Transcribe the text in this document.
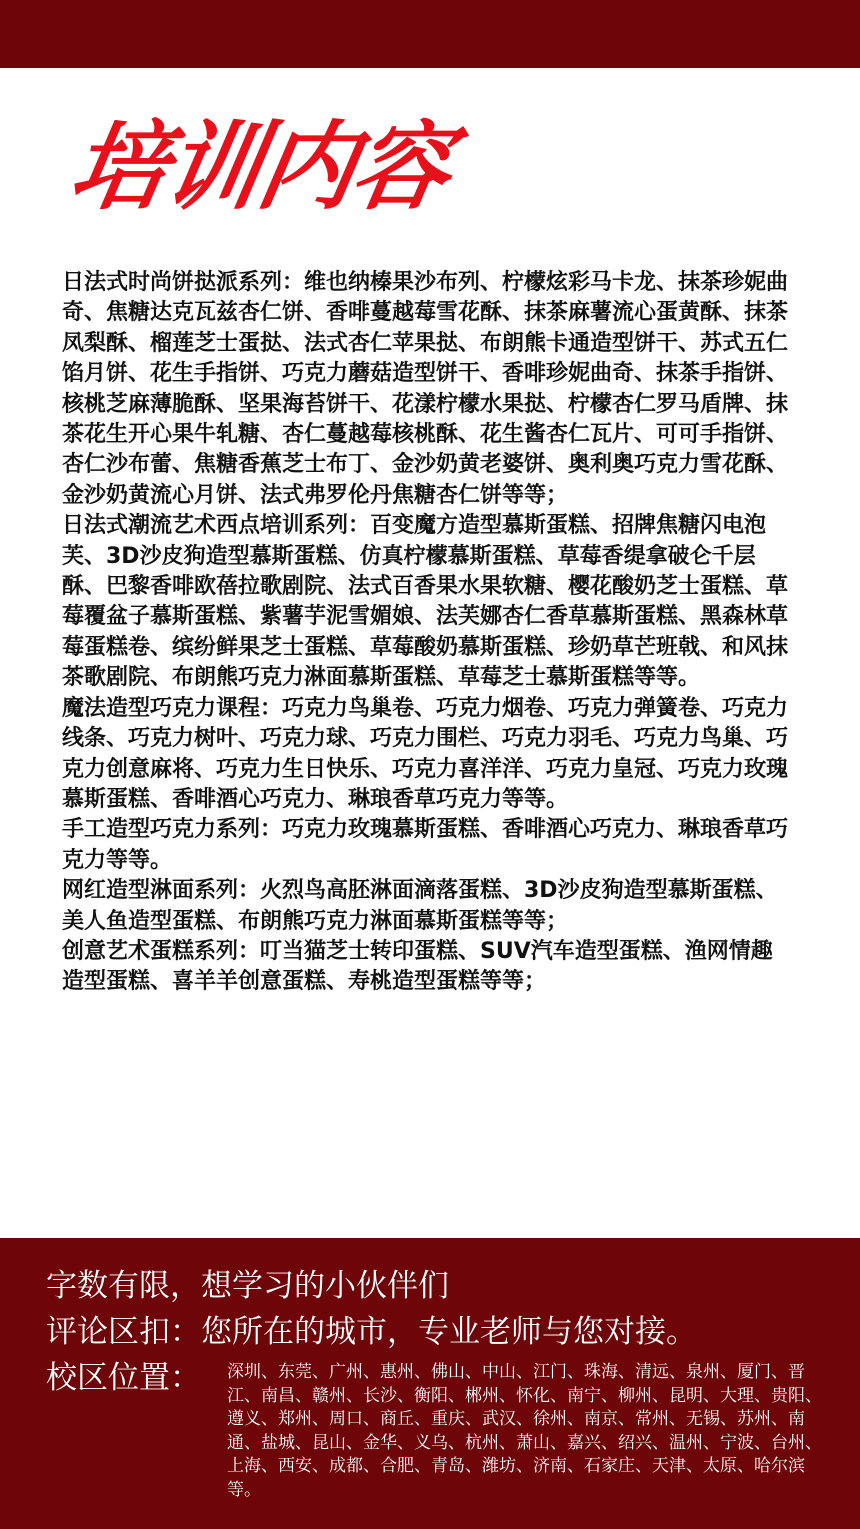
培训内容

日法式时尚饼挞派系列：维也纳榛果沙布列、柠檬炫彩马卡龙、抹茶珍妮曲奇、焦糖达克瓦兹杏仁饼、香啡蔓越莓雪花酥、抹茶麻薯流心蛋黄酥、抹茶凤梨酥、榴莲芝士蛋挞、法式杏仁苹果挞、布朗熊卡通造型饼干、苏式五仁馅月饼、花生手指饼、巧克力蘑菇造型饼干、香啡珍妮曲奇、抹茶手指饼、核桃芝麻薄脆酥、坚果海苔饼干、花漾柠檬水果挞、柠檬杏仁罗马盾牌、抹茶花生开心果牛轧糖、杏仁蔓越莓核桃酥、花生酱杏仁瓦片、可可手指饼、杏仁沙布蕾、焦糖香蕉芝士布丁、金沙奶黄老婆饼、奥利奥巧克力雪花酥、金沙奶黄流心月饼、法式弗罗伦丹焦糖杏仁饼等等；

日法式潮流艺术西点培训系列：百变魔方造型慕斯蛋糕、招牌焦糖闪电泡芙、3D沙皮狗造型慕斯蛋糕、仿真柠檬慕斯蛋糕、草莓香缇拿破仑千层酥、巴黎香啡欧蓓拉歌剧院、法式百香果水果软糖、樱花酸奶芝士蛋糕、草莓覆盆子慕斯蛋糕、紫薯芋泥雪媚娘、法芙娜杏仁香草慕斯蛋糕、黑森林草莓蛋糕卷、缤纷鲜果芝士蛋糕、草莓酸奶慕斯蛋糕、珍奶草芒班戟、和风抹茶歌剧院、布朗熊巧克力淋面慕斯蛋糕、草莓芝士慕斯蛋糕等等。

魔法造型巧克力课程：巧克力鸟巢卷、巧克力烟卷、巧克力弹簧卷、巧克力线条、巧克力树叶、巧克力球、巧克力围栏、巧克力羽毛、巧克力鸟巢、巧克力创意麻将、巧克力生日快乐、巧克力喜洋洋、巧克力皇冠、巧克力玫瑰慕斯蛋糕、香啡酒心巧克力、琳琅香草巧克力等等。

手工造型巧克力系列：巧克力玫瑰慕斯蛋糕、香啡酒心巧克力、琳琅香草巧克力等等。

网红造型淋面系列：火烈鸟高胚淋面滴落蛋糕、3D沙皮狗造型慕斯蛋糕、美人鱼造型蛋糕、布朗熊巧克力淋面慕斯蛋糕等等；

创意艺术蛋糕系列：叮当猫芝士转印蛋糕、SUV汽车造型蛋糕、渔网情趣造型蛋糕、喜羊羊创意蛋糕、寿桃造型蛋糕等等；

字数有限，想学习的小伙伴们
评论区扣：您所在的城市，专业老师与您对接。
校区位置： 深圳、东莞、广州、惠州、佛山、中山、江门、珠海、清远、泉州、厦门、晋江、南昌、赣州、长沙、衡阳、郴州、怀化、南宁、柳州、昆明、大理、贵阳、遵义、郑州、周口、商丘、重庆、武汉、徐州、南京、常州、无锡、苏州、南通、盐城、昆山、金华、义乌、杭州、萧山、嘉兴、绍兴、温州、宁波、台州、上海、西安、成都、合肥、青岛、潍坊、济南、石家庄、天津、太原、哈尔滨等。
